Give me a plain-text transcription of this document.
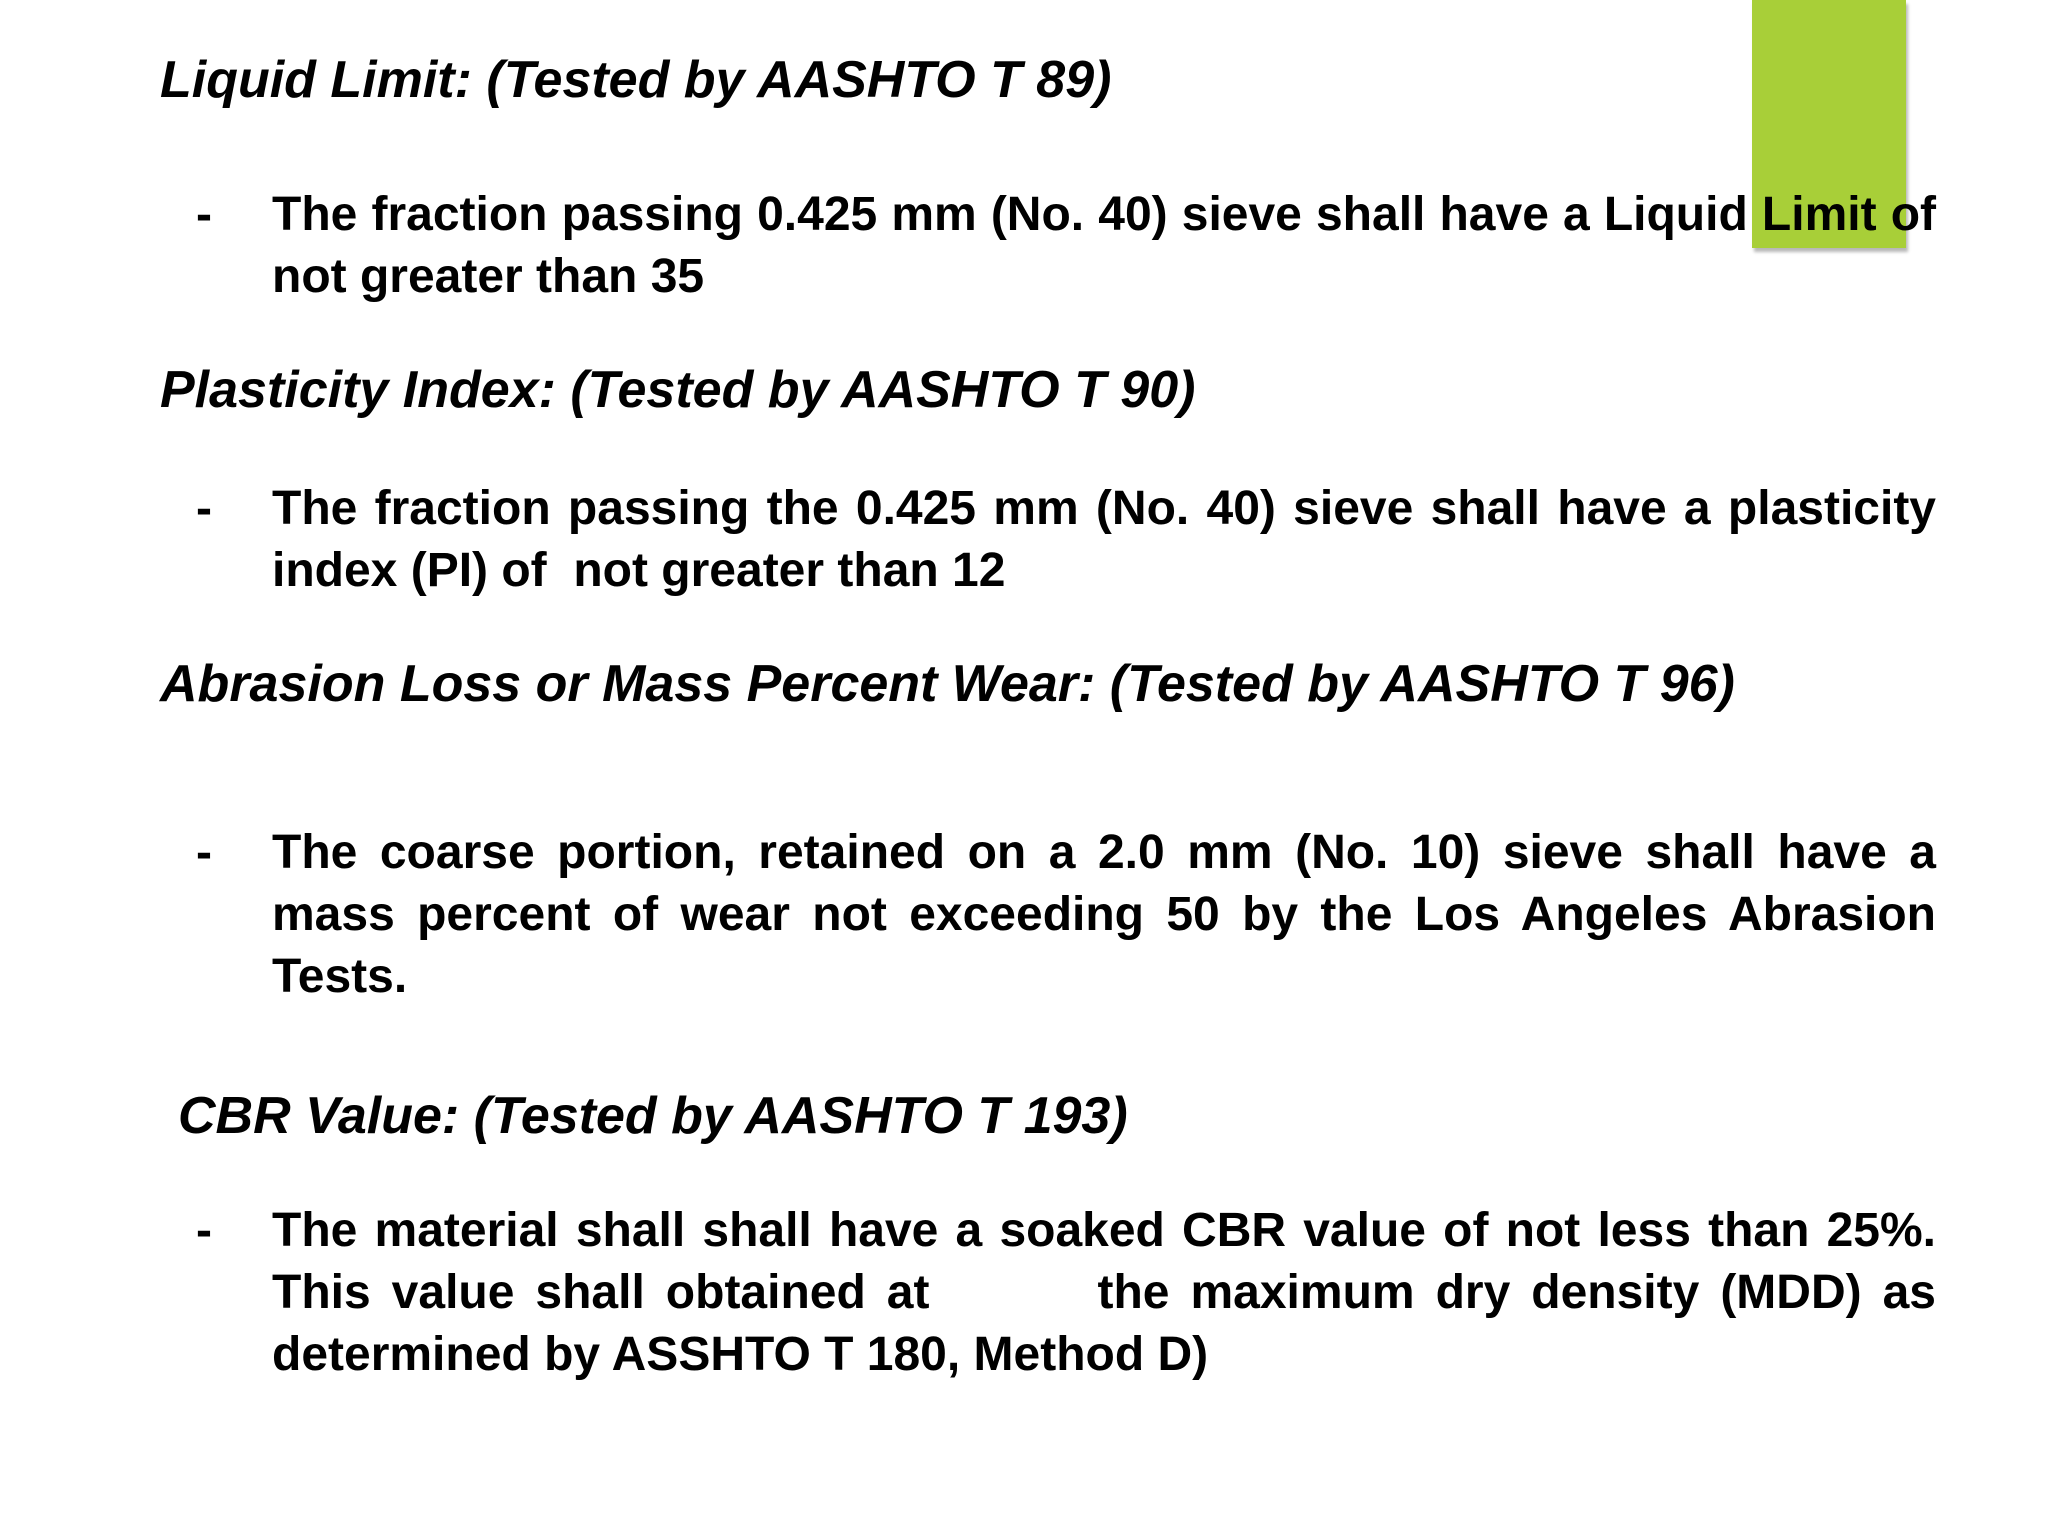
Liquid Limit: (Tested by AASHTO T 89)
-	The fraction passing 0.425 mm (No. 40) sieve shall have a Liquid Limit of  not greater than 35
Plasticity Index: (Tested by AASHTO T 90)
-	The fraction passing the 0.425 mm (No. 40) sieve shall have a plasticity index (PI) of  not greater than 12
Abrasion Loss or Mass Percent Wear: (Tested by AASHTO T 96)
-	The coarse portion, retained on a 2.0 mm (No. 10) sieve shall have a mass percent of wear not exceeding 50 by the Los Angeles Abrasion Tests.
CBR Value: (Tested by AASHTO T 193)
-	The material shall shall have a soaked CBR value of not less than 25%.   This value shall obtained at        the maximum dry density (MDD) as determined by ASSHTO T 180, Method D)
